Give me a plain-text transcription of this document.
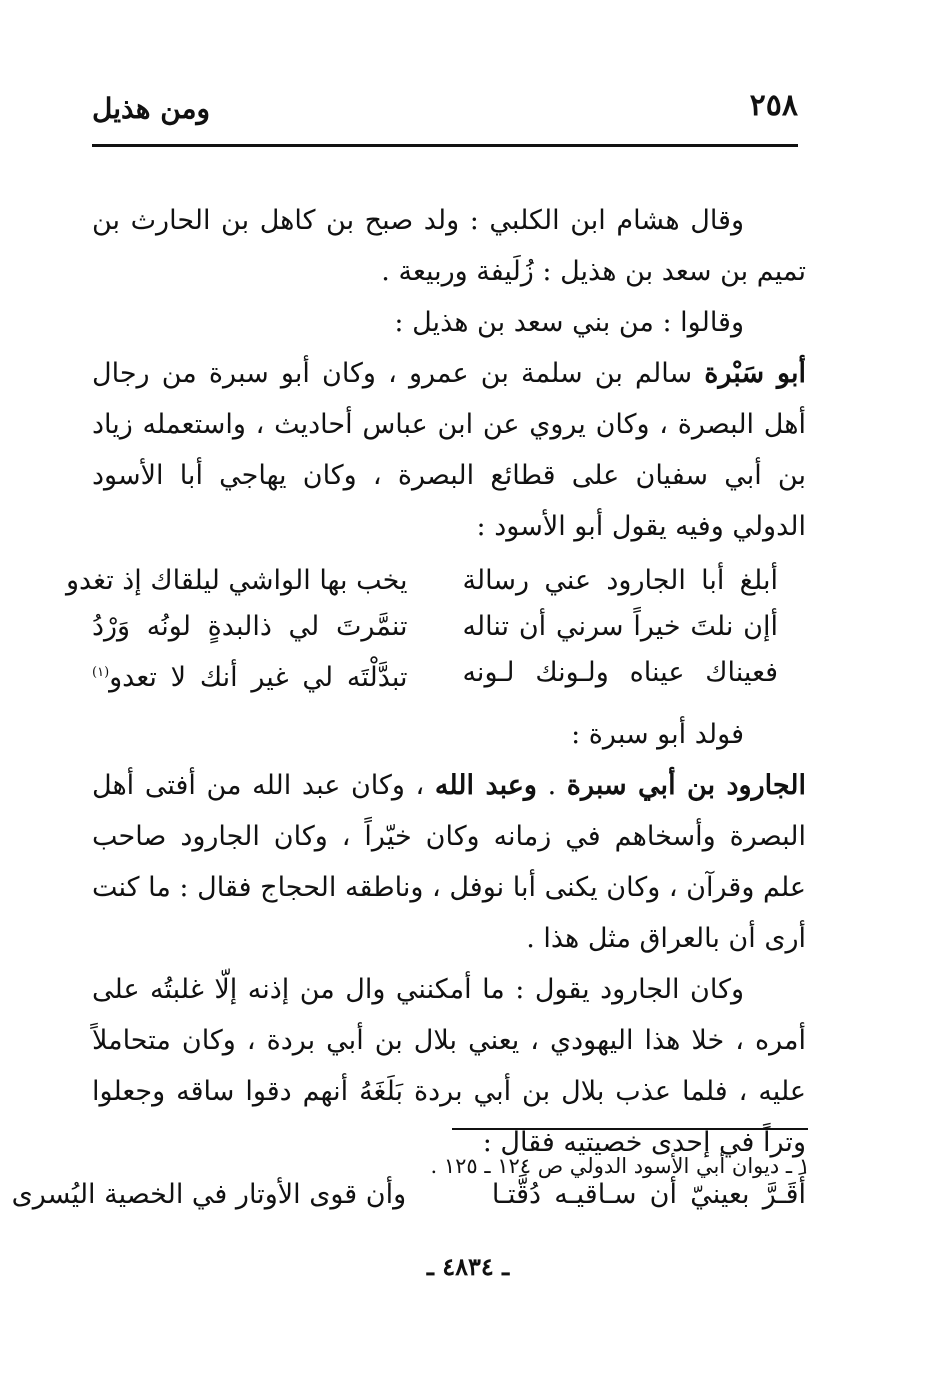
٢٥٨
ومن هذيل

وقال هشام ابن الكلبي : ولد صبح بن كاهل بن الحارث بن تميم بن سعد بن هذيل : زُلَيفة وربيعة .

وقالوا : من بني سعد بن هذيل :

أبو سَبْرة سالم بن سلمة بن عمرو ، وكان أبو سبرة من رجال أهل البصرة ، وكان يروي عن ابن عباس أحاديث ، واستعمله زياد بن أبي سفيان على قطائع البصرة ، وكان يهاجي أبا الأسود الدولي وفيه يقول أبو الأسود :

أبلغ أبا الجارود عني رسالة
يخب بها الواشي ليلقاك إذ تغدو
أإن نلتَ خيراً سرني أن تناله
تنمَّرتَ لي ذالبدةٍ لونُه وَرْدُ
فعيناك عيناه ولـونك لـونه
تبدَّلْتَه لي غير أنك لا تعدو$^{(١)}$

فولد أبو سبرة :

الجارود بن أبي سبرة . وعبد الله ، وكان عبد الله من أفتى أهل البصرة وأسخاهم في زمانه وكان خيّراً ، وكان الجارود صاحب علم وقرآن ، وكان يكنى أبا نوفل ، وناطقه الحجاج فقال : ما كنت أرى أن بالعراق مثل هذا .

وكان الجارود يقول : ما أمكنني وال من إذنه إلّا غلبتُه على أمره ، خلا هذا اليهودي ، يعني بلال بن أبي بردة ، وكان متحاملاً عليه ، فلما عذب بلال بن أبي بردة بَلَغَهُ أنهم دقوا ساقه وجعلوا وتراً في إحدى خصيتيه فقال :

أَقَـرَّ بعينيّ أن سـاقيـه دُقَّتـا
وأن قوى الأوتار في الخصية اليُسرى
١ ـ ديوان أبي الأسود الدولي ص ١٢٤ ـ ١٢٥ .
ـ ٤٨٣٤ ـ
